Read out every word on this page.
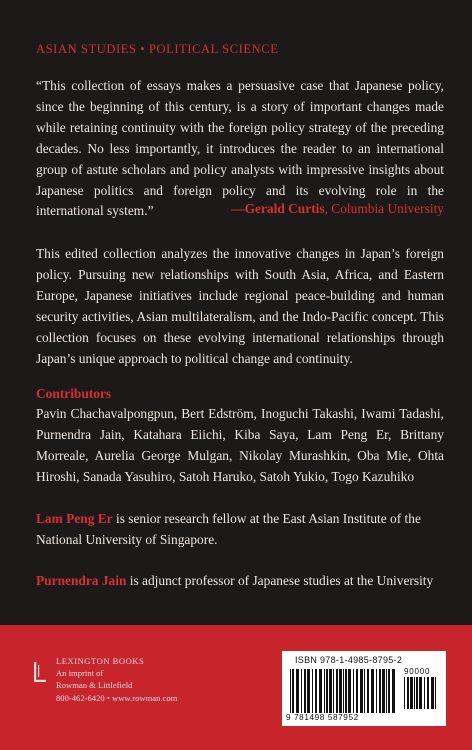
ASIAN STUDIES • POLITICAL SCIENCE

“This collection of essays makes a persuasive case that Japanese policy, since the beginning of this century, is a story of important changes made while retaining continuity with the foreign policy strategy of the preceding decades. No less importantly, it introduces the reader to an international group of astute scholars and policy analysts with impressive insights about Japanese politics and foreign policy and its evolving role in the international system.”	—Gerald Curtis, Columbia University

This edited collection analyzes the innovative changes in Japan’s foreign policy. Pursuing new relationships with South Asia, Africa, and Eastern Europe, Japanese initiatives include regional peace-building and human security activities, Asian multilateralism, and the Indo-Pacific concept. This collection focuses on these evolving international relationships through Japan’s unique approach to political change and continuity.

Contributors

Pavin Chachavalpongpun, Bert Edström, Inoguchi Takashi, Iwami Tadashi, Purnendra Jain, Katahara Eiichi, Kiba Saya, Lam Peng Er, Brittany Morreale, Aurelia George Mulgan, Nikolay Murashkin, Oba Mie, Ohta Hiroshi, Sanada Yasuhiro, Satoh Haruko, Satoh Yukio, Togo Kazuhiko

Lam Peng Er is senior research fellow at the East Asian Institute of the National University of Singapore.

Purnendra Jain is adjunct professor of Japanese studies at the University

LEXINGTON BOOKS
An imprint of
Rowman & Littlefield
800-462-6420 • www.rowman.com
ISBN 978-1-4985-8795-2
90000
9 781498 587952
